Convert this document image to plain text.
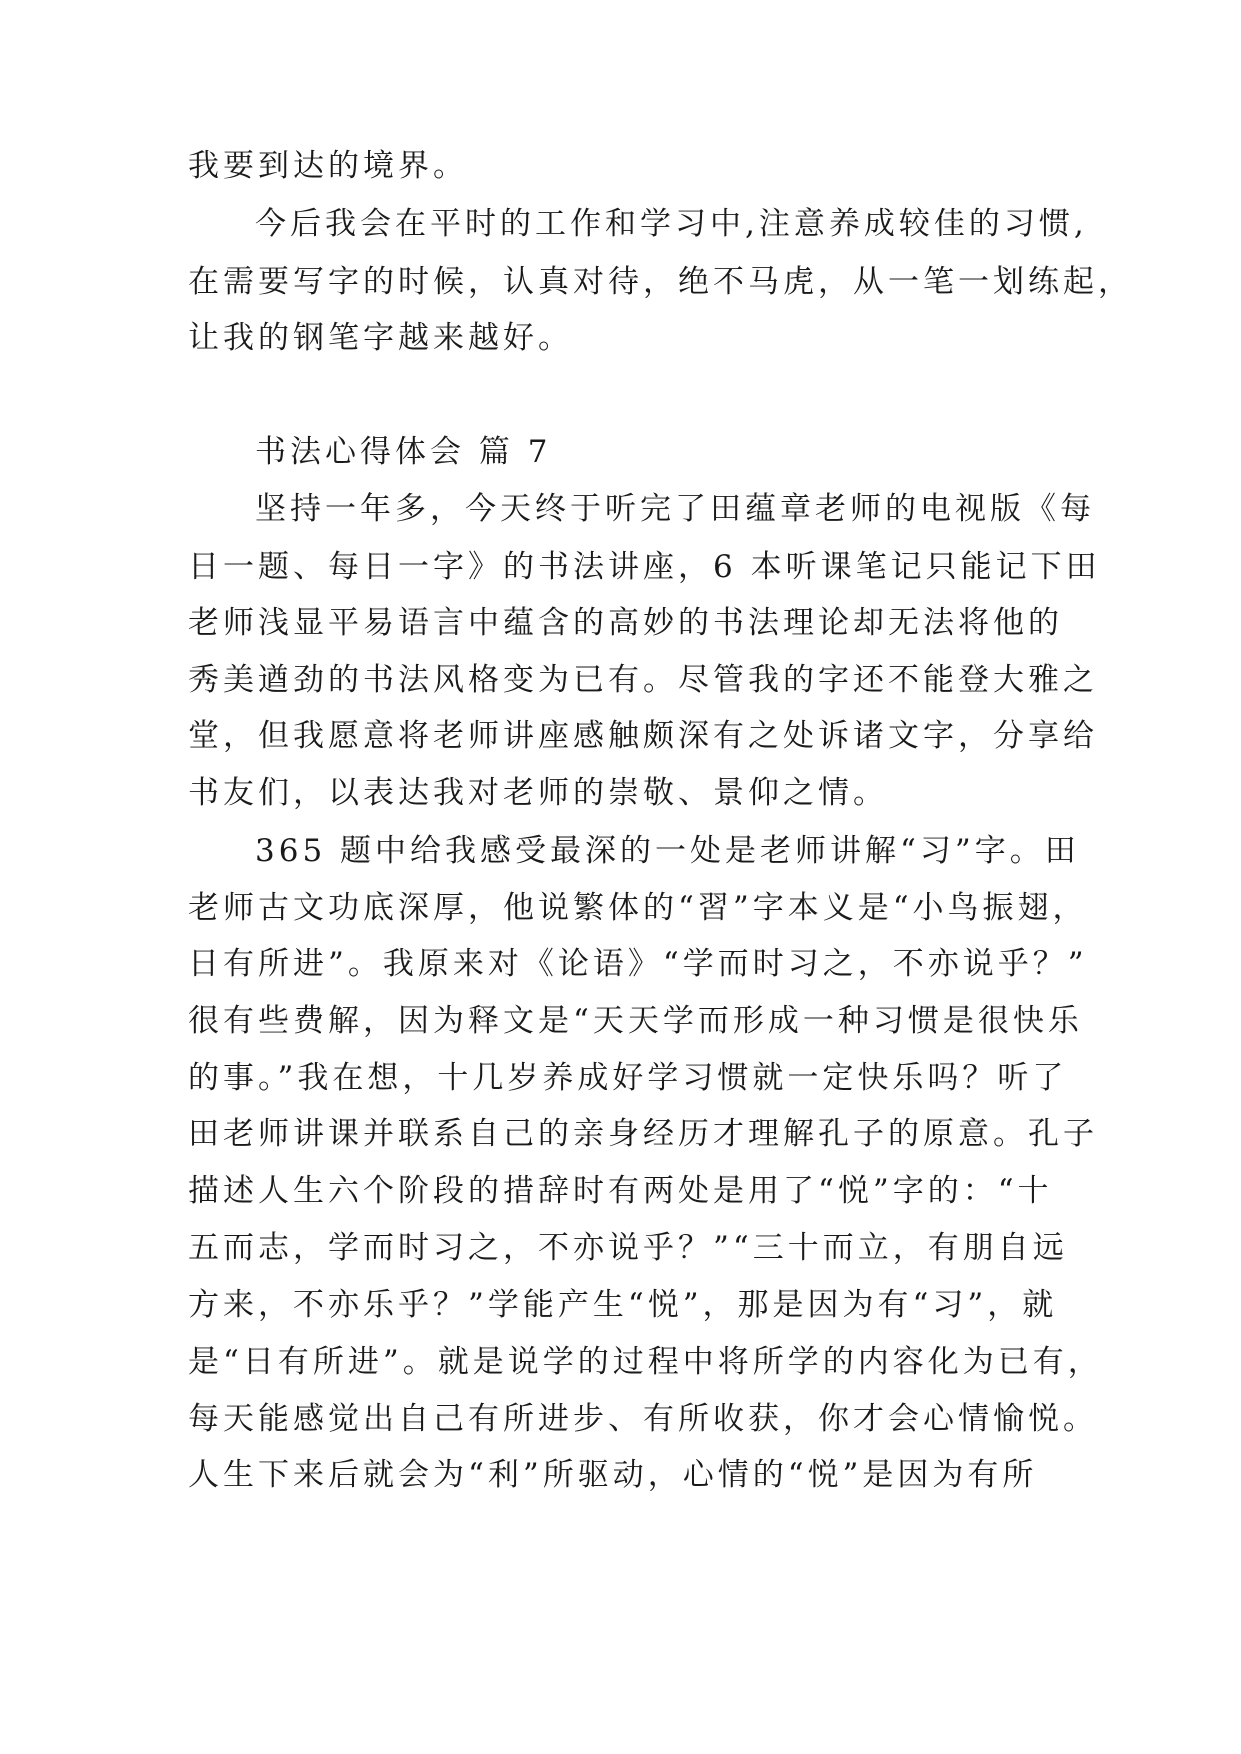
我要到达的境界。
今后我会在平时的工作和学习中,注意养成较佳的习惯,
在需要写字的时候，认真对待，绝不马虎，从一笔一划练起，
让我的钢笔字越来越好。
书法心得体会 篇 7
坚持一年多，今天终于听完了田蕴章老师的电视版《每
日一题、每日一字》的书法讲座，6 本听课笔记只能记下田
老师浅显平易语言中蕴含的高妙的书法理论却无法将他的
秀美遒劲的书法风格变为已有。尽管我的字还不能登大雅之
堂，但我愿意将老师讲座感触颇深有之处诉诸文字，分享给
书友们，以表达我对老师的崇敬、景仰之情。
365 题中给我感受最深的一处是老师讲解“习”字。田
老师古文功底深厚，他说繁体的“習”字本义是“小鸟振翅，
日有所进”。我原来对《论语》“学而时习之，不亦说乎？”
很有些费解，因为释文是“天天学而形成一种习惯是很快乐
的事。”我在想，十几岁养成好学习惯就一定快乐吗？听了
田老师讲课并联系自己的亲身经历才理解孔子的原意。孔子
描述人生六个阶段的措辞时有两处是用了“悦”字的：“十
五而志，学而时习之，不亦说乎？”“三十而立，有朋自远
方来，不亦乐乎？”学能产生“悦”，那是因为有“习”，就
是“日有所进”。就是说学的过程中将所学的内容化为已有，
每天能感觉出自己有所进步、有所收获，你才会心情愉悦。
人生下来后就会为“利”所驱动，心情的“悦”是因为有所
